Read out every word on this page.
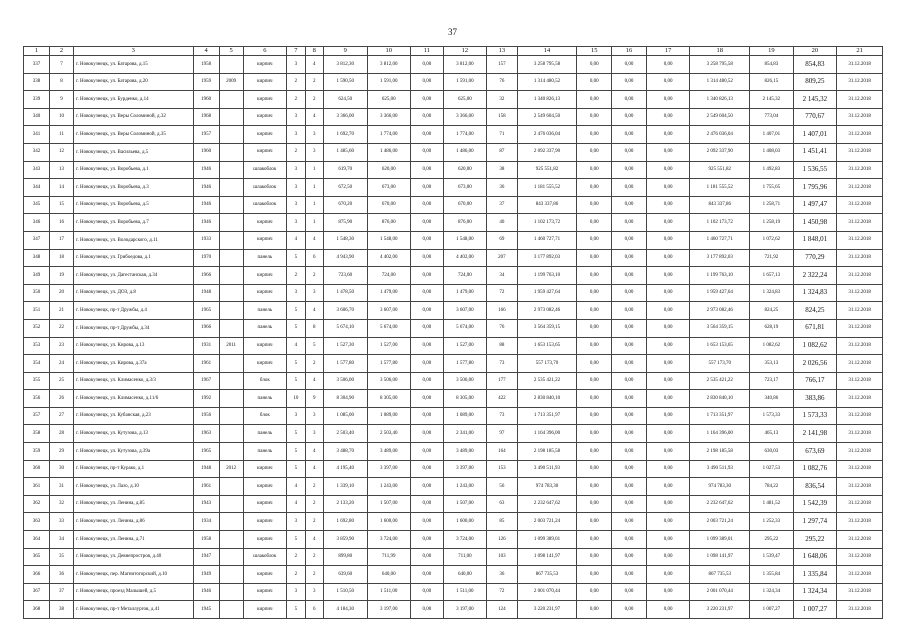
37
1	2	3	4	5	6	7	8	9	10	11	12	13	14	15	16	17	18	19	20	21
337	7	г. Новокузнецк, ул. Батарова, д.15	1958		кирпич	3	4	3 812,30	3 812,00	0,00	3 812,00	157	3 258 795,58	0,00	0,00	0,00	3 258 795,58	854,83	854,83	31.12.2018
338	8	г. Новокузнецк, ул. Батарова, д.20	1959	2009	кирпич	2	2	1 590,50	1 591,00	0,00	1 591,00	76	1 314 480,52	0,00	0,00	0,00	1 314 480,52	826,15	809,25	31.12.2018
339	9	г. Новокузнецк, ул. Бурденко, д.14	1960		кирпич	2	2	624,50	625,00	0,00	625,00	32	1 340 826,13	0,00	0,00	0,00	1 340 826,13	2 145,32	2 145,32	31.12.2018
340	10	г. Новокузнецк, ул. Веры Соломиной, д.32	1968		кирпич	3	4	3 366,00	3 366,00	0,00	3 366,00	158	2 549 604,50	0,00	0,00	0,00	2 549 604,50	773,04	770,67	31.12.2018
341	11	г. Новокузнецк, ул. Веры Соломиной, д.35	1957		кирпич	3	3	1 692,70	1 774,00	0,00	1 774,00	71	2 476 036,04	0,00	0,00	0,00	2 476 036,04	1 407,01	1 407,01	31.12.2018
342	12	г. Новокузнецк, ул. Васильева, д.5	1960		кирпич	2	3	1 485,60	1 486,00	0,00	1 486,00	87	2 092 337,90	0,00	0,00	0,00	2 092 337,90	1 408,03	1 451,41	31.12.2018
343	13	г. Новокузнецк, ул. Воробьева, д.1	1946		шлакоблок	3	1	619,70	620,00	0,00	620,00	38	925 551,82	0,00	0,00	0,00	925 551,82	1 492,83	1 536,55	31.12.2018
344	14	г. Новокузнецк, ул. Воробьева, д.3	1946		шлакоблок	3	1	672,50	673,00	0,00	673,00	36	1 181 555,52	0,00	0,00	0,00	1 181 555,52	1 755,65	1 795,96	31.12.2018
345	15	г. Новокузнецк, ул. Воробьева, д.5	1946		шлакоблок	3	1	670,20	670,00	0,00	670,00	37	843 337,86	0,00	0,00	0,00	843 337,86	1 258,71	1 497,47	31.12.2018
346	16	г. Новокузнецк, ул. Воробьева, д.7	1946		кирпич	3	1	875,90	876,00	0,00	876,00	40	1 102 173,72	0,00	0,00	0,00	1 102 173,72	1 258,19	1 450,98	31.12.2018
347	17	г. Новокузнецк, ул. Володарского, д.11	1933		кирпич	4	4	1 548,30	1 548,00	0,00	1 548,00	69	1 460 727,71	0,00	0,00	0,00	1 460 727,71	1 072,62	1 848,01	31.12.2018
348	18	г. Новокузнецк, ул. Грибоедова, д.1	1970		панель	5	6	4 943,90	4 402,00	0,00	4 402,00	207	3 177 892,03	0,00	0,00	0,00	3 177 892,03	721,92	770,29	31.12.2018
349	19	г. Новокузнецк, ул. Дагестанская, д.34	1966		кирпич	2	2	723,60	724,00	0,00	724,00	34	1 199 763,10	0,00	0,00	0,00	1 199 763,10	1 657,13	2 322,24	31.12.2018
350	20	г. Новокузнецк, ул. ДОЗ, д.8	1948		кирпич	3	3	1 478,50	1 479,00	0,00	1 479,00	72	1 959 427,64	0,00	0,00	0,00	1 959 427,64	1 324,83	1 324,83	31.12.2018
351	21	г. Новокузнецк, пр-т Дружбы, д.4	1965		панель	5	4	3 606,70	3 607,00	0,00	3 607,00	166	2 973 082,46	0,00	0,00	0,00	2 973 082,46	824,25	824,25	31.12.2018
352	22	г. Новокузнецк, пр-т Дружбы, д.34	1966		панель	5	8	5 674,10	5 674,00	0,00	5 674,00	76	3 564 359,15	0,00	0,00	0,00	3 564 359,15	628,19	671,81	31.12.2018
353	23	г. Новокузнецк, ул. Кирова, д.13	1931	2011	кирпич	4	5	1 527,30	1 527,00	0,00	1 527,00	88	1 653 153,65	0,00	0,00	0,00	1 653 153,65	1 082,62	1 082,62	31.12.2018
354	24	г. Новокузнецк, ул. Кирова, д.37а	1961		кирпич	5	2	1 577,80	1 577,80	0,00	1 577,80	73	557 173,70	0,00	0,00	0,00	557 173,70	353,13	2 026,56	31.12.2018
355	25	г. Новокузнецк, ул. Климасенко, д.3/3	1967		блок	5	4	3 506,00	3 506,00	0,00	3 506,00	177	2 535 421,22	0,00	0,00	0,00	2 535 421,22	723,17	766,17	31.12.2018
356	26	г. Новокузнецк, ул. Климасенко, д.11/6	1992		панель	10	9	8 304,90	8 305,00	0,00	8 305,00	422	2 830 840,10	0,00	0,00	0,00	2 830 840,10	340,86	383,86	31.12.2018
357	27	г. Новокузнецк, ул. Кубанская, д.23	1956		блок	3	3	1 085,00	1 089,00	0,00	1 089,00	73	1 713 351,97	0,00	0,00	0,00	1 713 351,97	1 573,33	1 573,33	31.12.2018
358	28	г. Новокузнецк, ул. Кутузова, д.13	1963		панель	5	3	2 503,40	2 503,40	0,00	2 341,00	97	1 164 396,00	0,00	0,00	0,00	1 164 396,00	465,13	2 141,98	31.12.2018
359	29	г. Новокузнецк, ул. Кутузова, д.39а	1965		панель	5	4	3 488,70	3 489,00	0,00	3 489,00	164	2 198 185,58	0,00	0,00	0,00	2 198 185,58	630,03	673,69	31.12.2018
360	30	г. Новокузнецк, пр-т Курако, д.1	1948	2012	кирпич	5	4	4 195,40	3 397,00	0,00	3 397,00	153	3 490 511,93	0,00	0,00	0,00	3 490 511,93	1 027,53	1 082,76	31.12.2018
361	31	г. Новокузнецк, ул. Лазо, д.10	1961		кирпич	4	2	1 339,10	1 243,00	0,00	1 243,00	56	974 783,30	0,00	0,00	0,00	974 783,30	784,22	836,54	31.12.2018
362	32	г. Новокузнецк, ул. Ленина, д.85	1943		кирпич	4	2	2 133,20	1 507,00	0,00	1 507,00	63	2 232 647,62	0,00	0,00	0,00	2 232 647,62	1 481,52	1 542,39	31.12.2018
363	33	г. Новокузнецк, ул. Ленина, д.86	1934		кирпич	3	2	1 692,80	1 600,00	0,00	1 600,00	85	2 003 721,24	0,00	0,00	0,00	2 003 721,24	1 252,33	1 297,74	31.12.2018
364	34	г. Новокузнецк, ул. Ленина, д.71	1958		кирпич	5	4	3 859,90	3 724,00	0,00	3 724,00	126	1 099 389,01	0,00	0,00	0,00	1 099 389,01	295,22	295,22	31.12.2018
365	35	г. Новокузнецк, ул. Девнепростроя, д.40	1947		шлакоблок	2	2	899,80	711,99	0,00	711,00	103	1 098 141,97	0,00	0,00	0,00	1 098 141,97	1 539,47	1 648,06	31.12.2018
366	36	г. Новокузнецк, пер. Магнитогорский, д.10	1949		кирпич	2	2	639,60	640,00	0,00	640,00	36	867 735,53	0,00	0,00	0,00	867 735,53	1 355,84	1 335,84	31.12.2018
367	37	г. Новокузнецк, проезд Малышей, д.5	1946		кирпич	3	3	1 510,50	1 511,00	0,00	1 511,00	72	2 001 070,44	0,00	0,00	0,00	2 001 070,44	1 324,34	1 324,34	31.12.2018
368	38	г. Новокузнецк, пр-т Металлургов, д.41	1945		кирпич	5	6	4 184,30	3 197,00	0,00	3 197,00	124	3 220 231,97	0,00	0,00	0,00	3 220 231,97	1 007,27	1 007,27	31.12.2018
